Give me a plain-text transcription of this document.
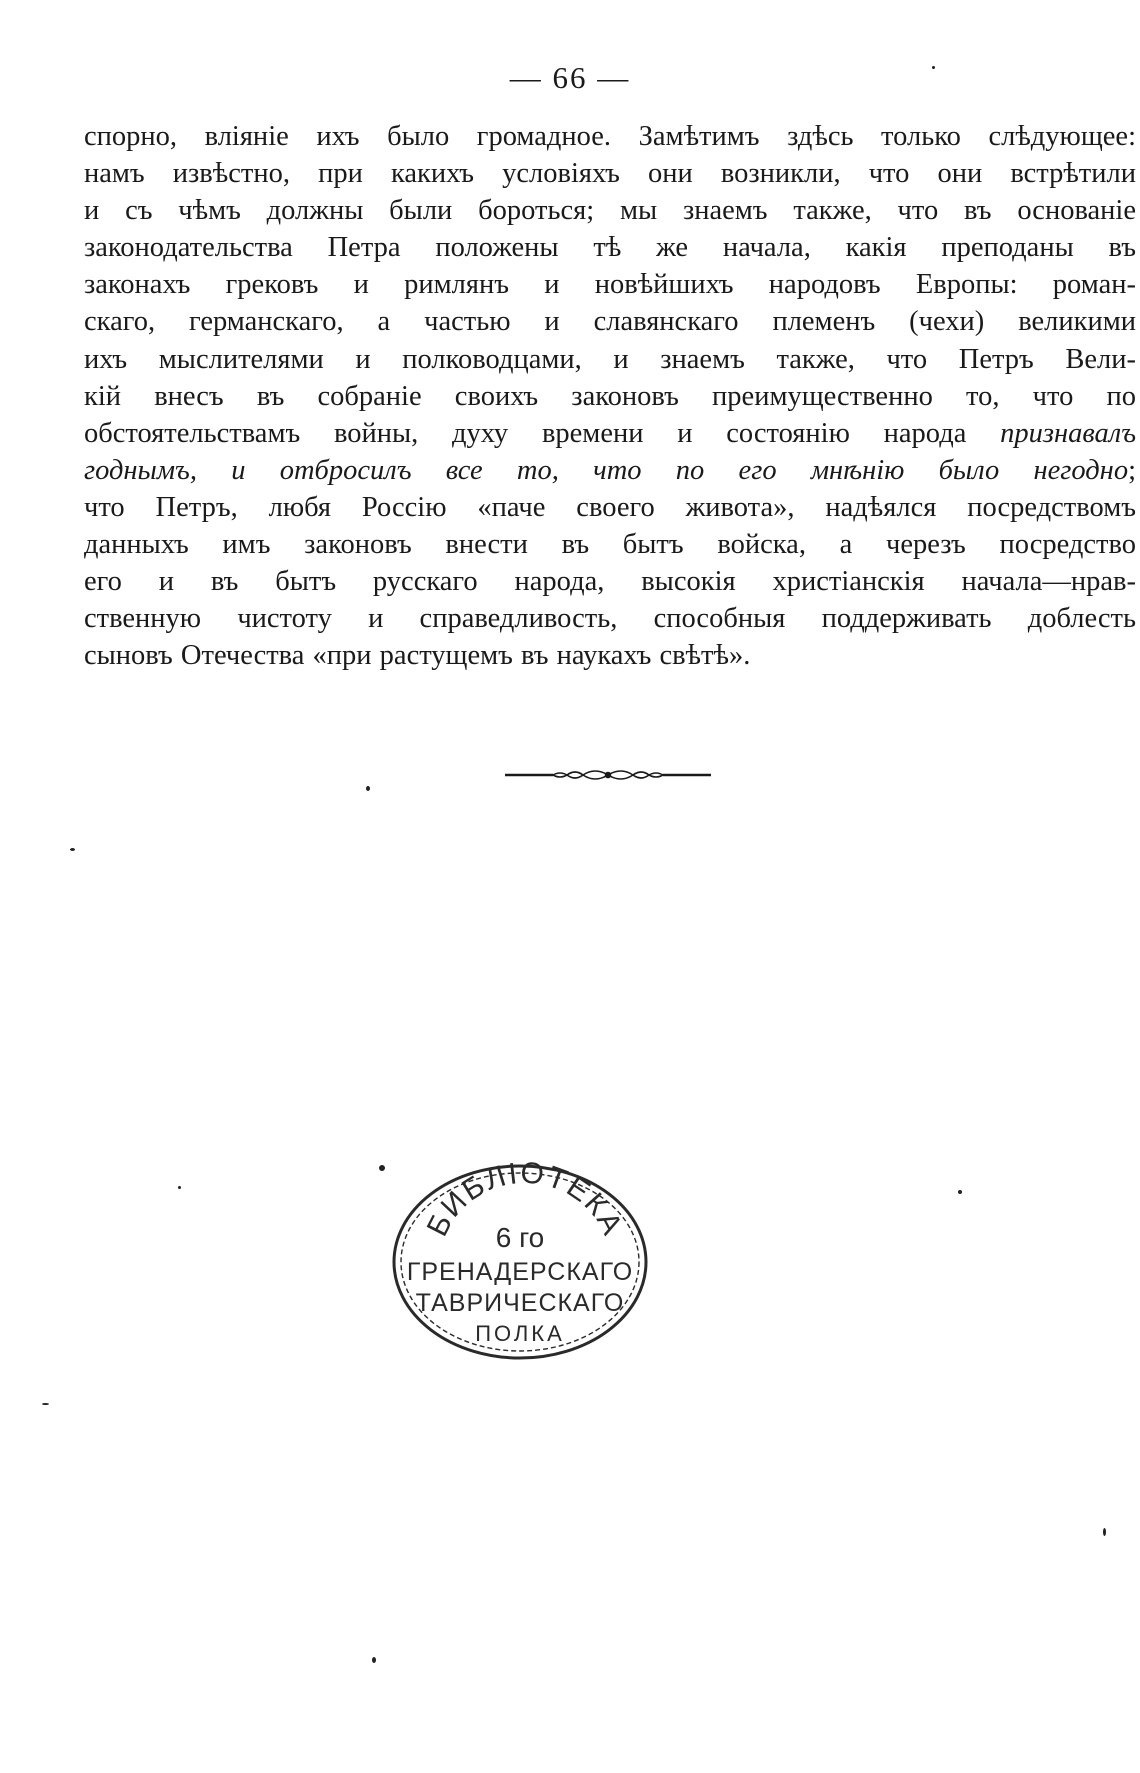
— 66 —
спорно, вліяніе ихъ было громадное. Замѣтимъ здѣсь только слѣдующее:
намъ извѣстно, при какихъ условіяхъ они возникли, что они встрѣтили
и съ чѣмъ должны были бороться; мы знаемъ также, что въ основаніе
законодательства Петра положены тѣ же начала, какія преподаны въ
законахъ грековъ и римлянъ и новѣйшихъ народовъ Европы: роман-
скаго, германскаго, а частью и славянскаго племенъ (чехи) великими
ихъ мыслителями и полководцами, и знаемъ также, что Петръ Вели-
кій внесъ въ собраніе своихъ законовъ преимущественно то, что по
обстоятельствамъ войны, духу времени и состоянію народа признавалъ
годнымъ, и отбросилъ все то, что по его мнѣнію было негодно;
что Петръ, любя Россію «паче своего живота», надѣялся посредствомъ
данныхъ имъ законовъ внести въ бытъ войска, а черезъ посредство
его и въ бытъ русскаго народа, высокія христіанскія начала—нрав-
ственную чистоту и справедливость, способныя поддерживать доблесть
сыновъ Отечества «при растущемъ въ наукахъ свѣтѣ».
БИБЛІОТЕКА
6 го
ГРЕНАДЕРСКАГО
ТАВРИЧЕСКАГО
ПОЛКА
